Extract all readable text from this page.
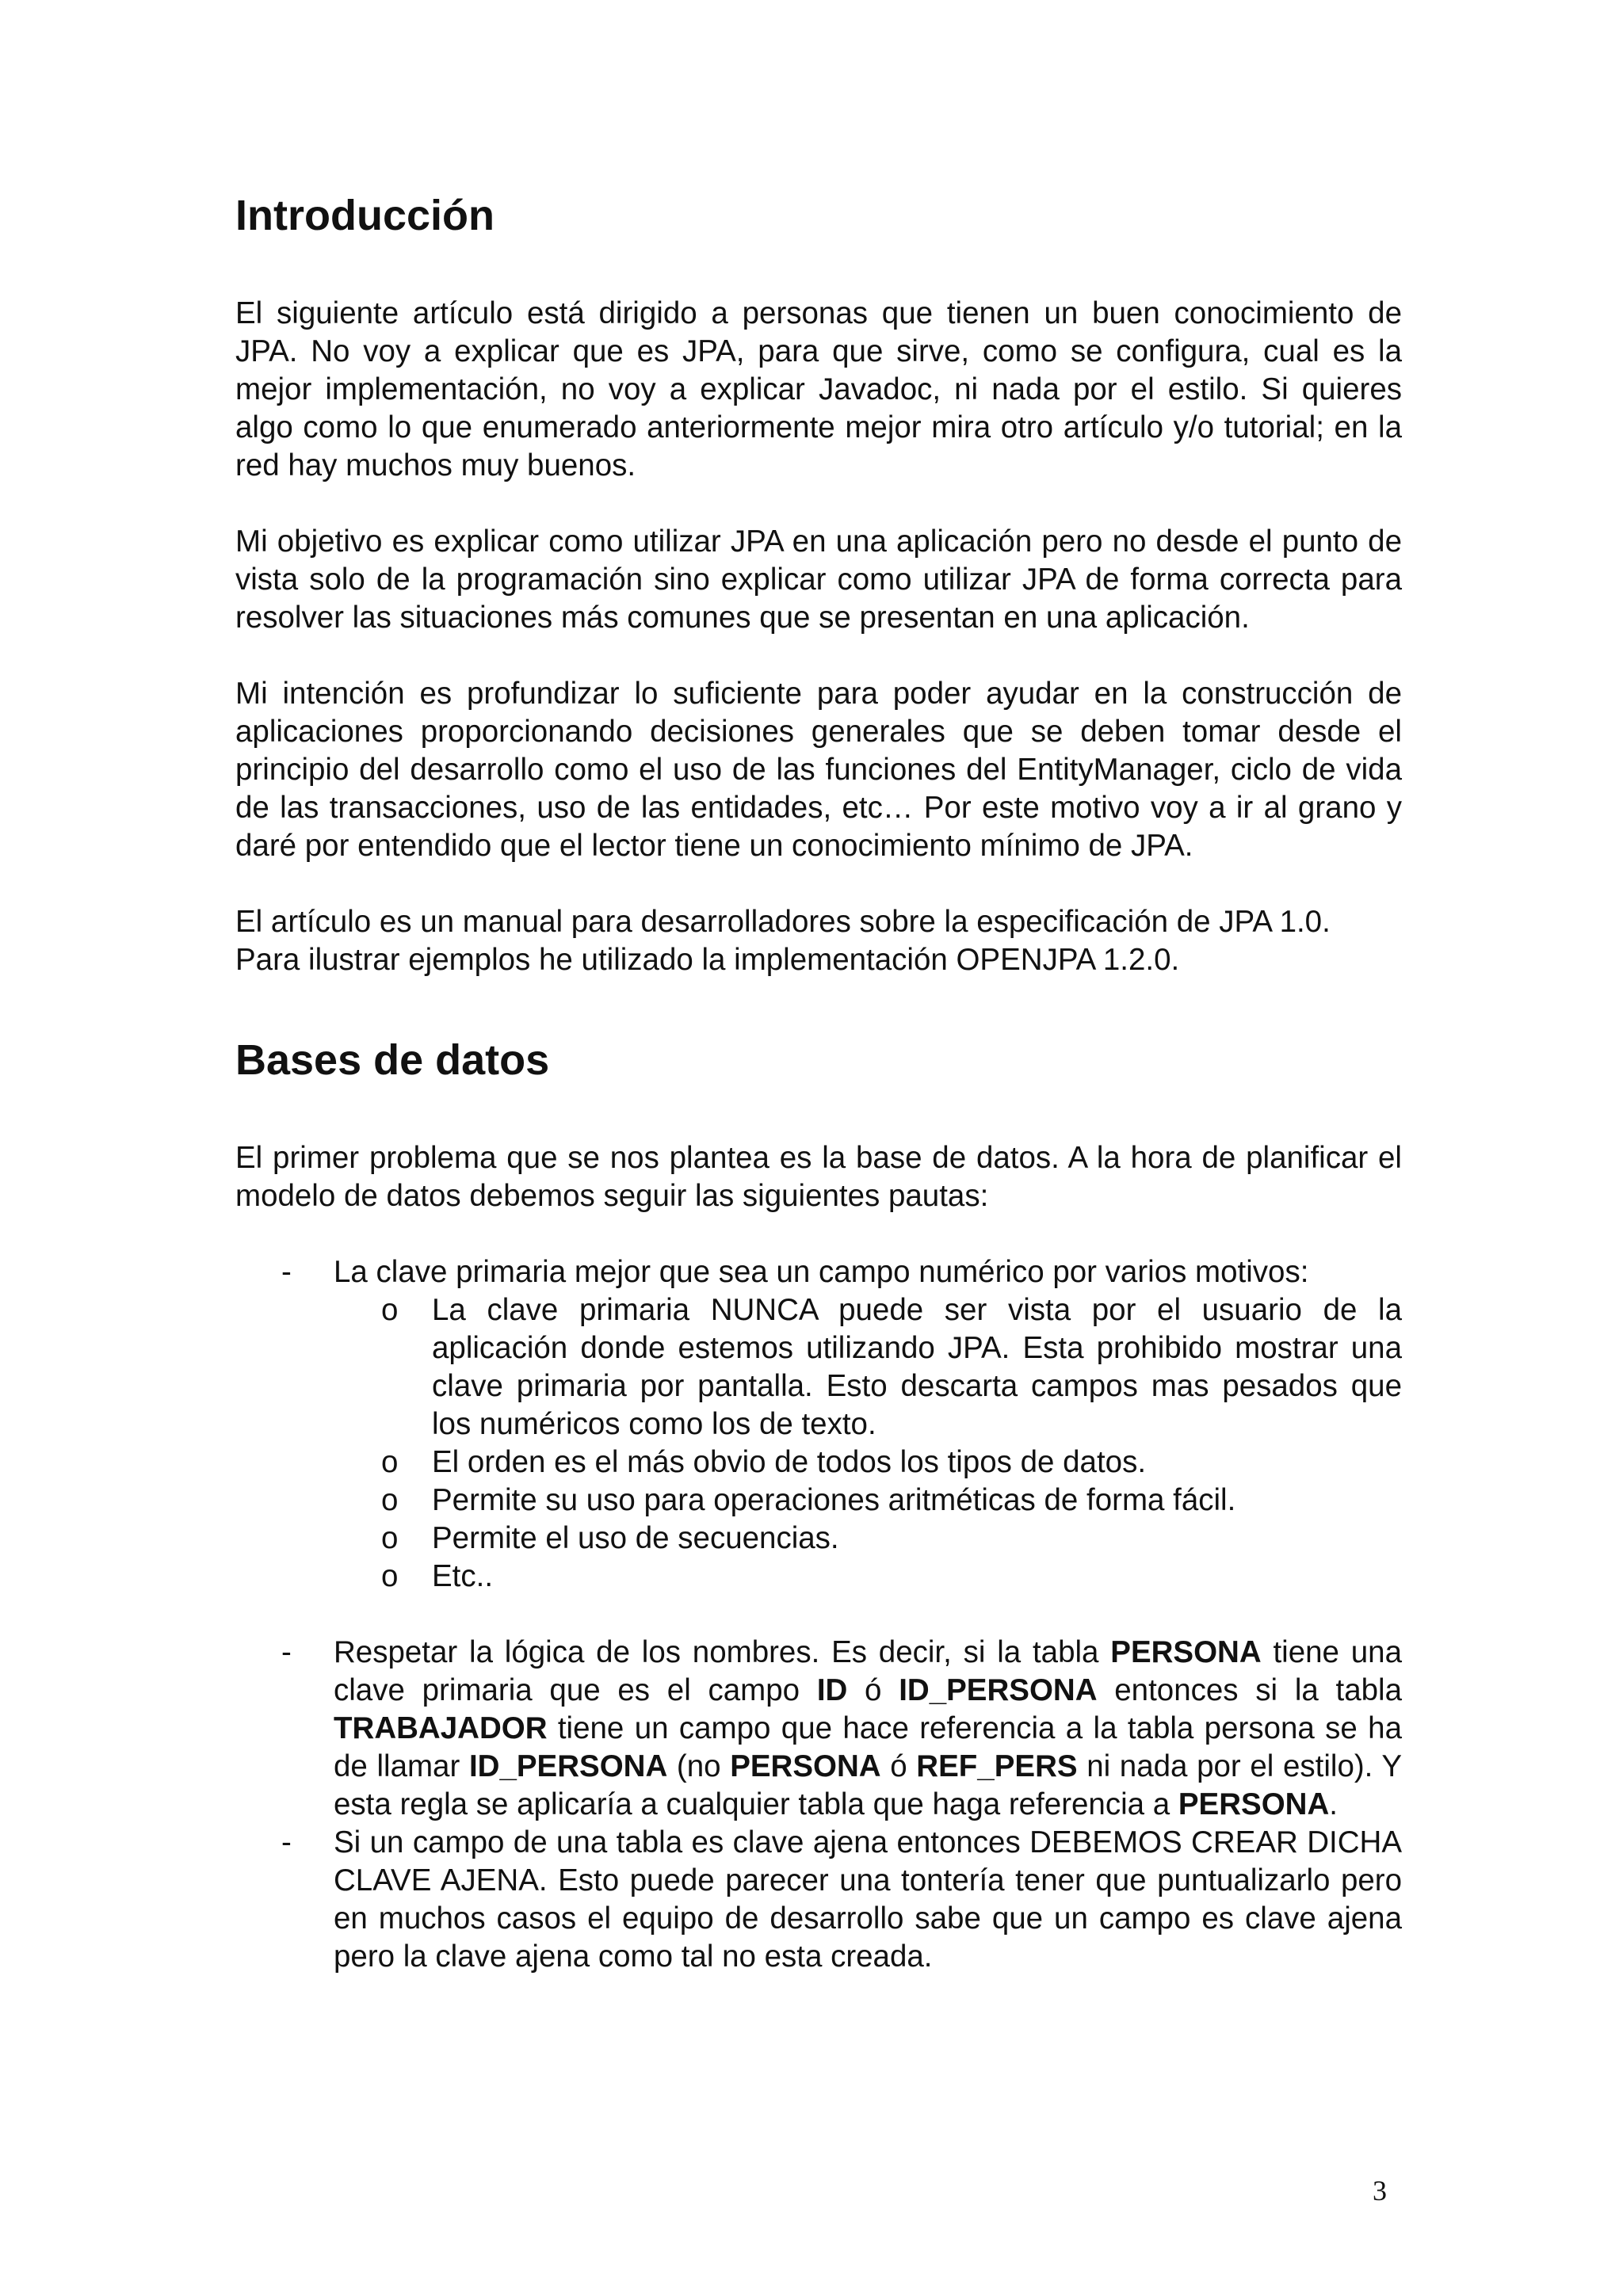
Introducción

El siguiente artículo está dirigido a personas que tienen un buen conocimiento de JPA. No voy a explicar que es JPA, para que sirve, como se configura, cual es la mejor implementación, no voy a explicar Javadoc, ni nada por el estilo. Si quieres algo como lo que enumerado anteriormente mejor mira otro artículo y/o tutorial; en la red hay muchos muy buenos.

Mi objetivo es explicar como utilizar JPA en una aplicación pero no desde el punto de vista solo de la programación sino explicar como utilizar JPA de forma correcta para resolver las situaciones más comunes que se presentan en una aplicación.

Mi intención es profundizar lo suficiente para poder ayudar en la construcción de aplicaciones proporcionando decisiones generales que se deben tomar desde el principio del desarrollo como el uso de las funciones del EntityManager, ciclo de vida de las transacciones, uso de las entidades, etc… Por este motivo voy a ir al grano y daré por entendido que el lector tiene un conocimiento mínimo de JPA.

El artículo es un manual para desarrolladores sobre la especificación de JPA 1.0. Para ilustrar ejemplos he utilizado la implementación OPENJPA 1.2.0.

Bases de datos

El primer problema que se nos plantea es la base de datos. A la hora de planificar el modelo de datos debemos seguir las siguientes pautas:

- La clave primaria mejor que sea un campo numérico por varios motivos:
o La clave primaria NUNCA puede ser vista por el usuario de la aplicación donde estemos utilizando JPA. Esta prohibido mostrar una clave primaria por pantalla. Esto descarta campos mas pesados que los numéricos como los de texto.
o El orden es el más obvio de todos los tipos de datos.
o Permite su uso para operaciones aritméticas de forma fácil.
o Permite el uso de secuencias.
o Etc..
- Respetar la lógica de los nombres. Es decir, si la tabla PERSONA tiene una clave primaria que es el campo ID ó ID_PERSONA entonces si la tabla TRABAJADOR tiene un campo que hace referencia a la tabla persona se ha de llamar ID_PERSONA (no PERSONA ó REF_PERS ni nada por el estilo). Y esta regla se aplicaría a cualquier tabla que haga referencia a PERSONA.
- Si un campo de una tabla es clave ajena entonces DEBEMOS CREAR DICHA CLAVE AJENA. Esto puede parecer una tontería tener que puntualizarlo pero en muchos casos el equipo de desarrollo sabe que un campo es clave ajena pero la clave ajena como tal no esta creada.
3
